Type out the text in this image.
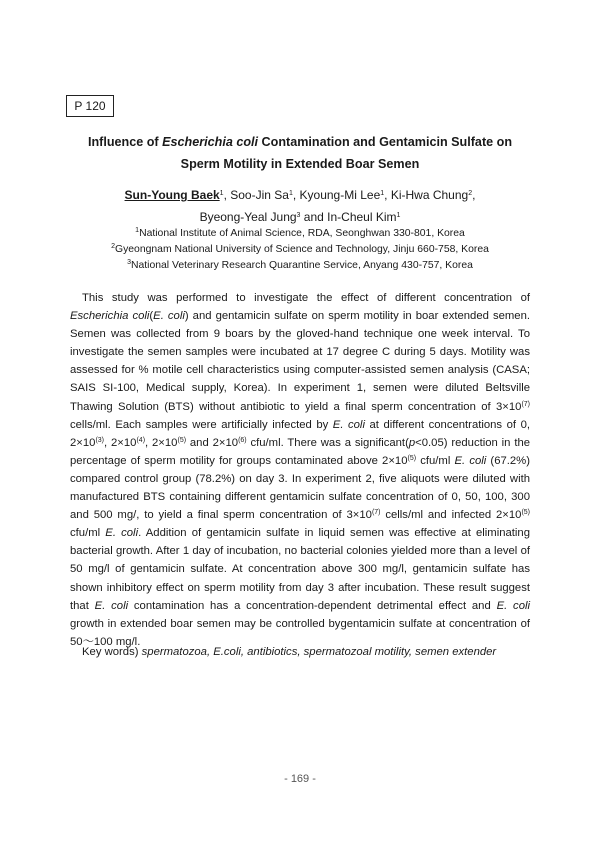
P 120
Influence of Escherichia coli Contamination and Gentamicin Sulfate on
Sperm Motility in Extended Boar Semen
Sun-Young Baek$^1$, Soo-Jin Sa$^1$, Kyoung-Mi Lee$^1$, Ki-Hwa Chung$^2$,
Byeong-Yeal Jung$^3$ and In-Cheul Kim$^1$
$^1$National Institute of Animal Science, RDA, Seonghwan 330-801, Korea
$^2$Gyeongnam National University of Science and Technology, Jinju 660-758, Korea
$^3$National Veterinary Research Quarantine Service, Anyang 430-757, Korea
This study was performed to investigate the effect of different concentration of Escherichia coli(E. coli) and gentamicin sulfate on sperm motility in boar extended semen. Semen was collected from 9 boars by the gloved-hand technique one week interval. To investigate the semen samples were incubated at 17 degree C during 5 days. Motility was assessed for % motile cell characteristics using computer-assisted semen analysis (CASA; SAIS SI-100, Medical supply, Korea). In experiment 1, semen were diluted Beltsville Thawing Solution (BTS) without antibiotic to yield a final sperm concentration of $3\times 10^{(7)}$ cells/ml. Each samples were artificially infected by E. coli at different concentrations of 0, $2\times 10^{(3)}$, $2\times 10^{(4)}$, $2\times 10^{(5)}$ and $2\times 10^{(6)}$ cfu/ml. There was a significant(p<0.05) reduction in the percentage of sperm motility for groups contaminated above $2\times 10^{(5)}$ cfu/ml E. coli (67.2%) compared control group (78.2%) on day 3. In experiment 2, five aliquots were diluted with manufactured BTS containing different gentamicin sulfate concentration of 0, 50, 100, 300 and 500 mg/, to yield a final sperm concentration of $3\times 10^{(7)}$ cells/ml and infected $2\times 10^{(5)}$ cfu/ml E. coli. Addition of gentamicin sulfate in liquid semen was effective at eliminating bacterial growth. After 1 day of incubation, no bacterial colonies yielded more than a level of 50 mg/l of gentamicin sulfate. At concentration above 300 mg/l, gentamicin sulfate has shown inhibitory effect on sperm motility from day 3 after incubation. These result suggest that E. coli contamination has a concentration-dependent detrimental effect and E. coli growth in extended boar semen may be controlled bygentamicin sulfate at concentration of 50～100 mg/l.
Key words) spermatozoa, E.coli, antibiotics, spermatozoal motility, semen extender
- 169 -
